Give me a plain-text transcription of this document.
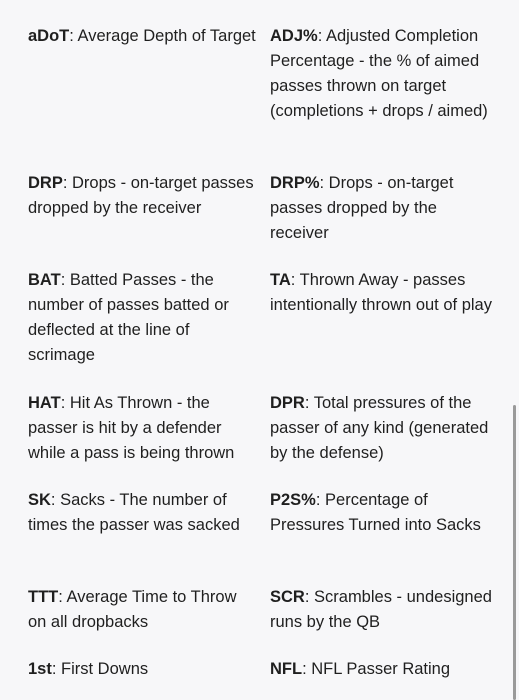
aDoT: Average Depth of Target ADJ%: Adjusted Completion Percentage - the % of aimed passes thrown on target (completions + drops / aimed)
DRP: Drops - on-target passes dropped by the receiver
DRP%: Drops - on-target passes dropped by the receiver
BAT: Batted Passes - the number of passes batted or deflected at the line of scrimage
TA: Thrown Away - passes intentionally thrown out of play
HAT: Hit As Thrown - the passer is hit by a defender while a pass is being thrown
DPR: Total pressures of the passer of any kind (generated by the defense)
SK: Sacks - The number of times the passer was sacked
P2S%: Percentage of Pressures Turned into Sacks
TTT: Average Time to Throw on all dropbacks
SCR: Scrambles - undesigned runs by the QB
1st: First Downs	NFL: NFL Passer Rating
